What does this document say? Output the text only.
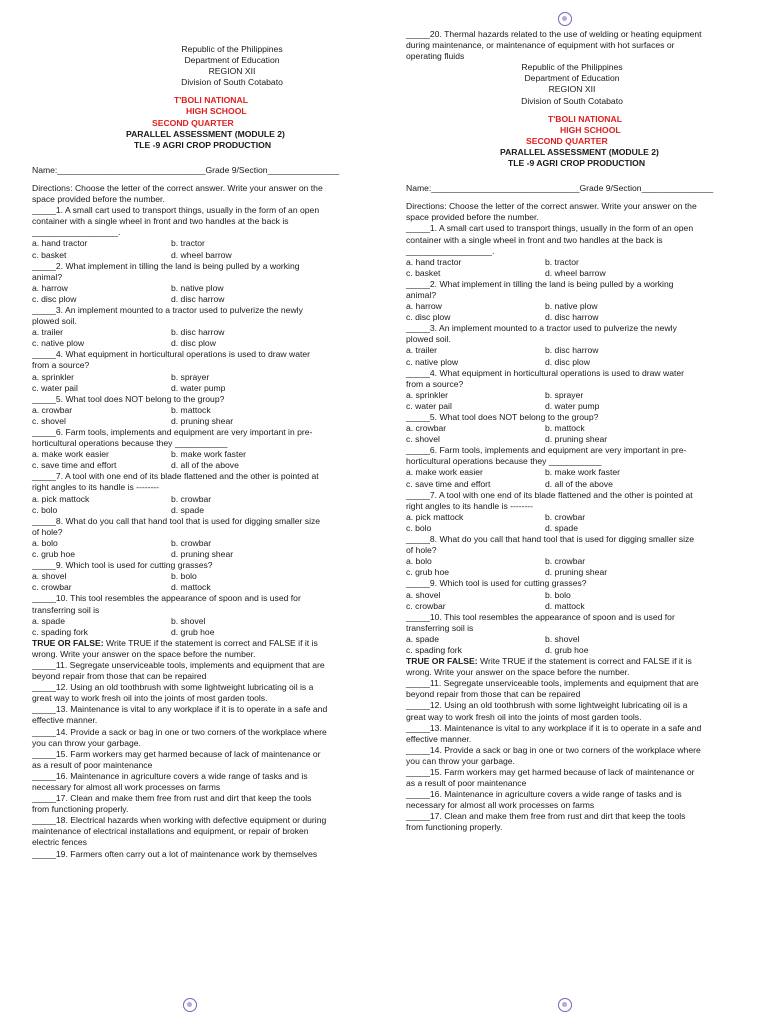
Republic of the Philippines
Department of Education
REGION XII
Division of South Cotabato
T'BOLI NATIONAL
HIGH SCHOOL
SECOND QUARTER
PARALLEL ASSESSMENT (MODULE 2)
TLE -9 AGRI CROP PRODUCTION
Name:_______________________________Grade 9/Section_______________
Directions: Choose the letter of the correct answer. Write your answer on the
space provided before the number.
_____1. A small cart used to transport things, usually in the form of an open
container with a single wheel in front and two handles at the back is
__________________.
a. hand tractor	b. tractor
c. basket	d. wheel barrow
_____2. What implement in tilling the land is being pulled by a working
animal?
a. harrow	b. native plow
c. disc plow	d. disc harrow
_____3. An implement mounted to a tractor used to pulverize the newly
plowed soil.
a. trailer	b. disc harrow
c. native plow	d. disc plow
_____4. What equipment in horticultural operations is used to draw water
from a source?
a. sprinkler	b. sprayer
c. water pail	d. water pump
_____5. What tool does NOT belong to the group?
a. crowbar	b. mattock
c. shovel	d. pruning shear
_____6. Farm tools, implements and equipment are very important in pre-
horticultural operations because they ___________
a. make work easier	b. make work faster
c. save time and effort	d. all of the above
_____7. A tool with one end of its blade flattened and the other is pointed at
right angles to its handle is --------
a. pick mattock	b. crowbar
c. bolo	d. spade
_____8. What do you call that hand tool that is used for digging smaller size
of hole?
a. bolo	b. crowbar
c. grub hoe	d. pruning shear
_____9. Which tool is used for cutting grasses?
a. shovel	b. bolo
c. crowbar	d. mattock
_____10. This tool resembles the appearance of spoon and is used for
transferring soil is
a. spade	b. shovel
c. spading fork	d. grub hoe
TRUE OR FALSE: Write TRUE if the statement is correct and FALSE if it is
wrong. Write your answer on the space before the number.
_____11. Segregate unserviceable tools, implements and equipment that are
beyond repair from those that can be repaired
_____12. Using an old toothbrush with some lightweight lubricating oil is a
great way to work fresh oil into the joints of most garden tools.
_____13. Maintenance is vital to any workplace if it is to operate in a safe and
effective manner.
_____14. Provide a sack or bag in one or two corners of the workplace where
you can throw your garbage.
_____15. Farm workers may get harmed because of lack of maintenance or
as a result of poor maintenance
_____16. Maintenance in agriculture covers a wide range of tasks and is
necessary for almost all work processes on farms
_____17. Clean and make them free from rust and dirt that keep the tools
from functioning properly.
_____18. Electrical hazards when working with defective equipment or during
maintenance of electrical installations and equipment, or repair of broken
electric fences
_____19. Farmers often carry out a lot of maintenance work by themselves
_____20. Thermal hazards related to the use of welding or heating equipment
during maintenance, or maintenance of equipment with hot surfaces or
operating fluids
Republic of the Philippines
Department of Education
REGION XII
Division of South Cotabato
T'BOLI NATIONAL
HIGH SCHOOL
SECOND QUARTER
PARALLEL ASSESSMENT (MODULE 2)
TLE -9 AGRI CROP PRODUCTION
Name:_______________________________Grade 9/Section_______________
Directions: Choose the letter of the correct answer. Write your answer on the
space provided before the number.
_____1. A small cart used to transport things, usually in the form of an open
container with a single wheel in front and two handles at the back is
__________________.
a. hand tractor	b. tractor
c. basket	d. wheel barrow
_____2. What implement in tilling the land is being pulled by a working
animal?
a. harrow	b. native plow
c. disc plow	d. disc harrow
_____3. An implement mounted to a tractor used to pulverize the newly
plowed soil.
a. trailer	b. disc harrow
c. native plow	d. disc plow
_____4. What equipment in horticultural operations is used to draw water
from a source?
a. sprinkler	b. sprayer
c. water pail	d. water pump
_____5. What tool does NOT belong to the group?
a. crowbar	b. mattock
c. shovel	d. pruning shear
_____6. Farm tools, implements and equipment are very important in pre-
horticultural operations because they ___________
a. make work easier	b. make work faster
c. save time and effort	d. all of the above
_____7. A tool with one end of its blade flattened and the other is pointed at
right angles to its handle is --------
a. pick mattock	b. crowbar
c. bolo	d. spade
_____8. What do you call that hand tool that is used for digging smaller size
of hole?
a. bolo	b. crowbar
c. grub hoe	d. pruning shear
_____9. Which tool is used for cutting grasses?
a. shovel	b. bolo
c. crowbar	d. mattock
_____10. This tool resembles the appearance of spoon and is used for
transferring soil is
a. spade	b. shovel
c. spading fork	d. grub hoe
TRUE OR FALSE: Write TRUE if the statement is correct and FALSE if it is
wrong. Write your answer on the space before the number.
_____11. Segregate unserviceable tools, implements and equipment that are
beyond repair from those that can be repaired
_____12. Using an old toothbrush with some lightweight lubricating oil is a
great way to work fresh oil into the joints of most garden tools.
_____13. Maintenance is vital to any workplace if it is to operate in a safe and
effective manner.
_____14. Provide a sack or bag in one or two corners of the workplace where
you can throw your garbage.
_____15. Farm workers may get harmed because of lack of maintenance or
as a result of poor maintenance
_____16. Maintenance in agriculture covers a wide range of tasks and is
necessary for almost all work processes on farms
_____17. Clean and make them free from rust and dirt that keep the tools
from functioning properly.
